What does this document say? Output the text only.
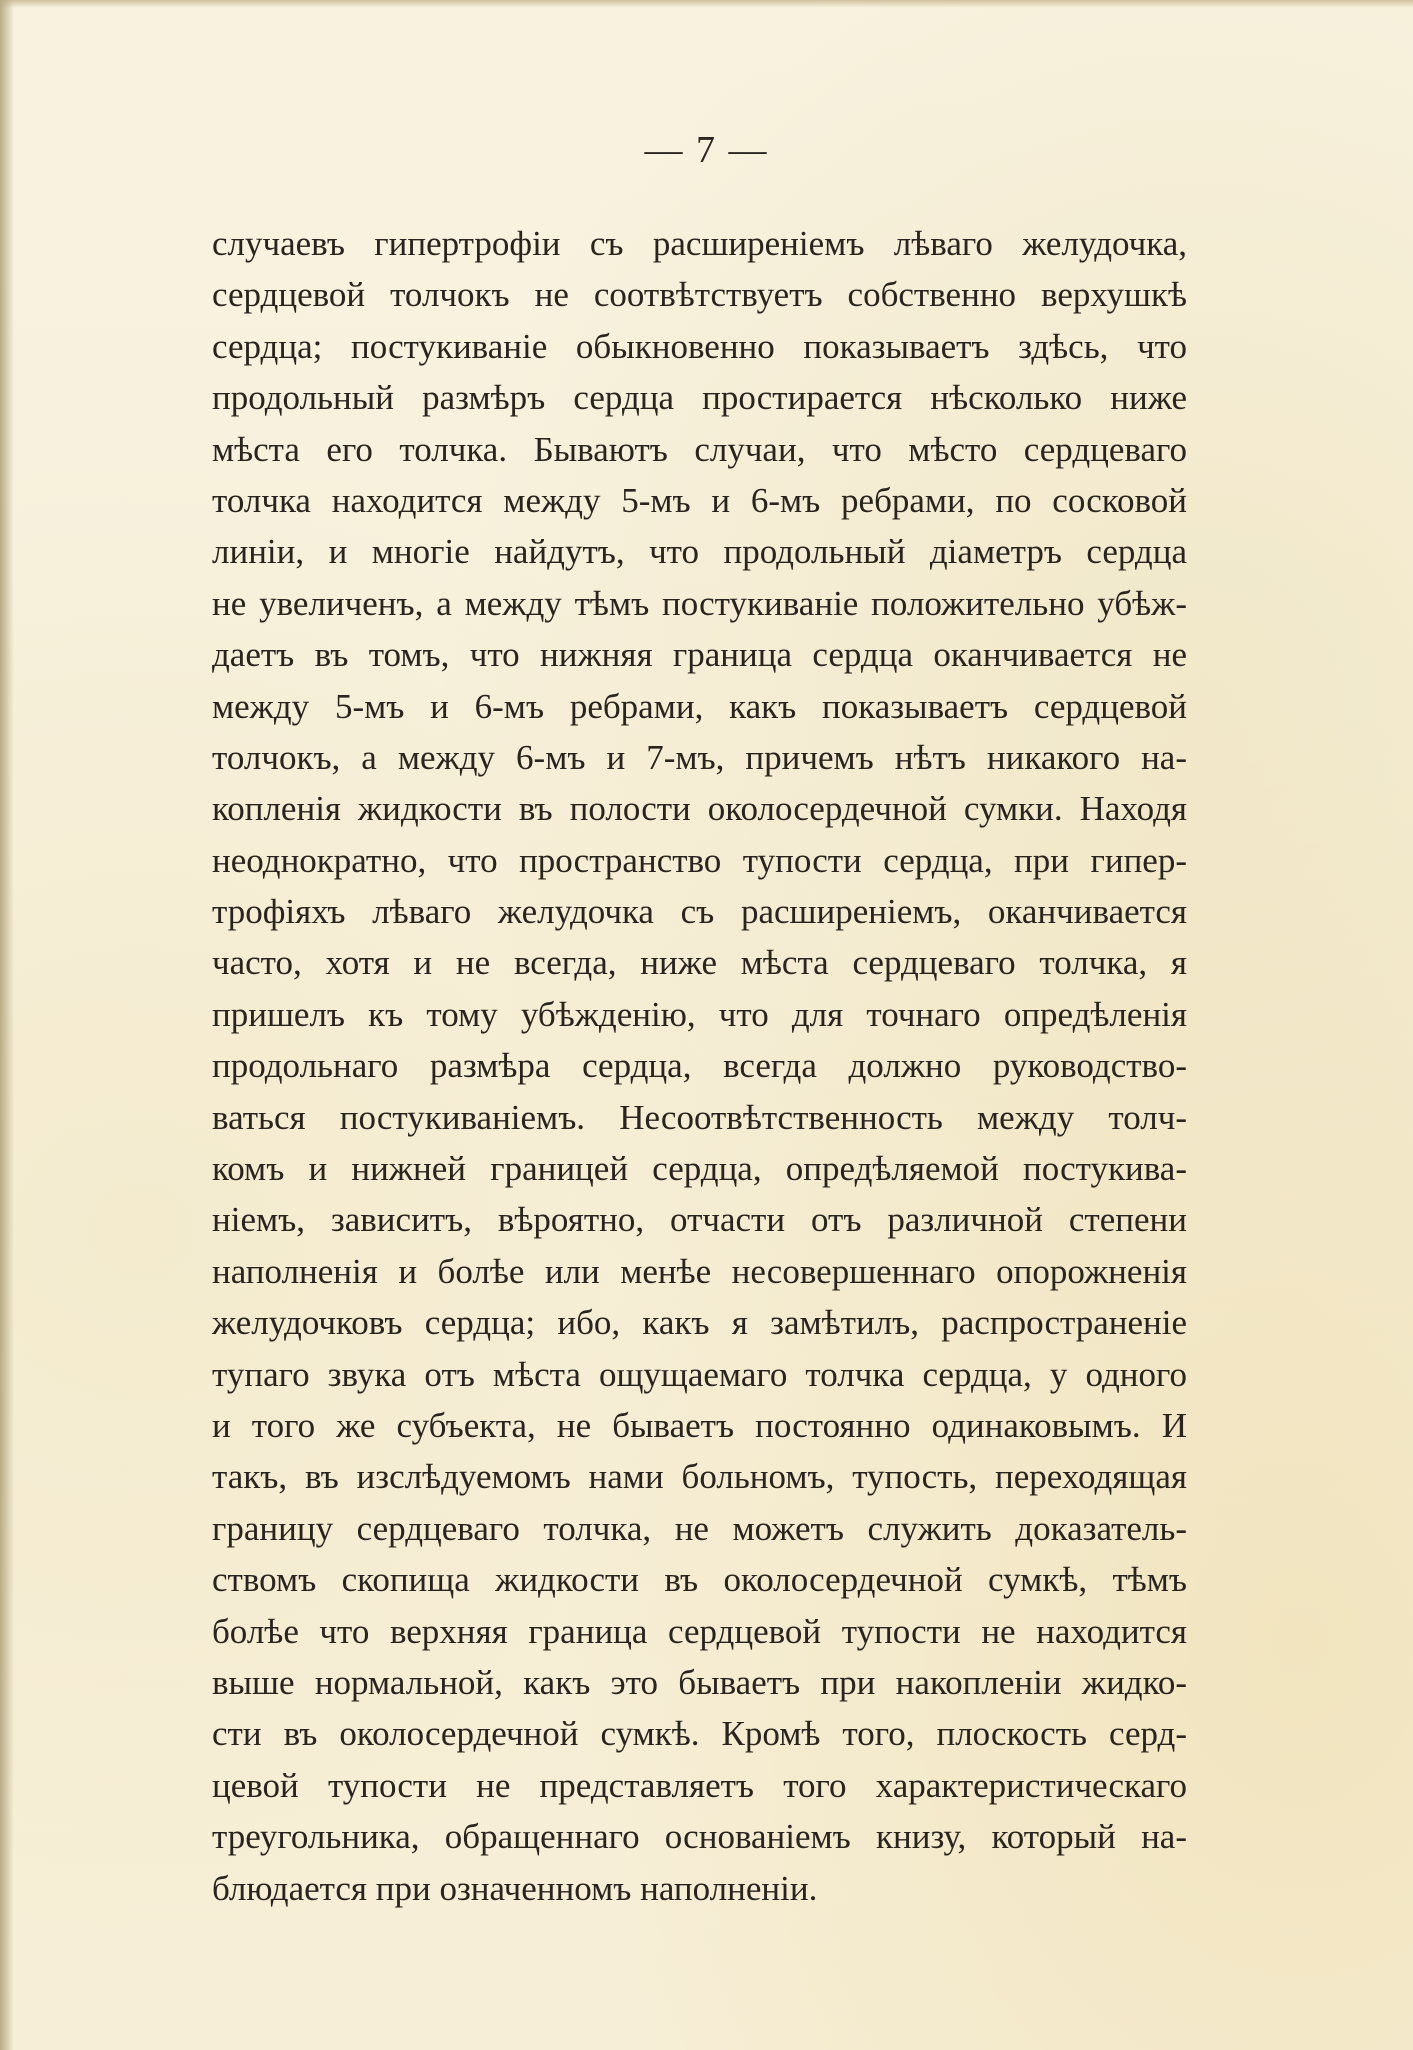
— 7 —
случаевъ гипертрофіи съ расширеніемъ лѣваго желудочка,
сердцевой толчокъ не соотвѣтствуетъ собственно верхушкѣ
сердца; постукиваніе обыкновенно показываетъ здѣсь, что
продольный размѣръ сердца простирается нѣсколько ниже
мѣста его толчка. Бываютъ случаи, что мѣсто сердцеваго
толчка находится между 5-мъ и 6-мъ ребрами, по сосковой
линіи, и многіе найдутъ, что продольный діаметръ сердца
не увеличенъ, а между тѣмъ постукиваніе положительно убѣж-
даетъ въ томъ, что нижняя граница сердца оканчивается не
между 5-мъ и 6-мъ ребрами, какъ показываетъ сердцевой
толчокъ, а между 6-мъ и 7-мъ, причемъ нѣтъ никакого на-
копленія жидкости въ полости околосердечной сумки. Находя
неоднократно, что пространство тупости сердца, при гипер-
трофіяхъ лѣваго желудочка съ расширеніемъ, оканчивается
часто, хотя и не всегда, ниже мѣста сердцеваго толчка, я
пришелъ къ тому убѣжденію, что для точнаго опредѣленія
продольнаго размѣра сердца, всегда должно руководство-
ваться постукиваніемъ. Несоотвѣтственность между толч-
комъ и нижней границей сердца, опредѣляемой постукива-
ніемъ, зависитъ, вѣроятно, отчасти отъ различной степени
наполненія и болѣе или менѣе несовершеннаго опорожненія
желудочковъ сердца; ибо, какъ я замѣтилъ, распространеніе
тупаго звука отъ мѣста ощущаемаго толчка сердца, у одного
и того же субъекта, не бываетъ постоянно одинаковымъ. И
такъ, въ изслѣдуемомъ нами больномъ, тупость, переходящая
границу сердцеваго толчка, не можетъ служить доказатель-
ствомъ скопища жидкости въ околосердечной сумкѣ, тѣмъ
болѣе что верхняя граница сердцевой тупости не находится
выше нормальной, какъ это бываетъ при накопленіи жидко-
сти въ околосердечной сумкѣ. Кромѣ того, плоскость серд-
цевой тупости не представляетъ того характеристическаго
треугольника, обращеннаго основаніемъ книзу, который на-
блюдается при означенномъ наполненіи.
